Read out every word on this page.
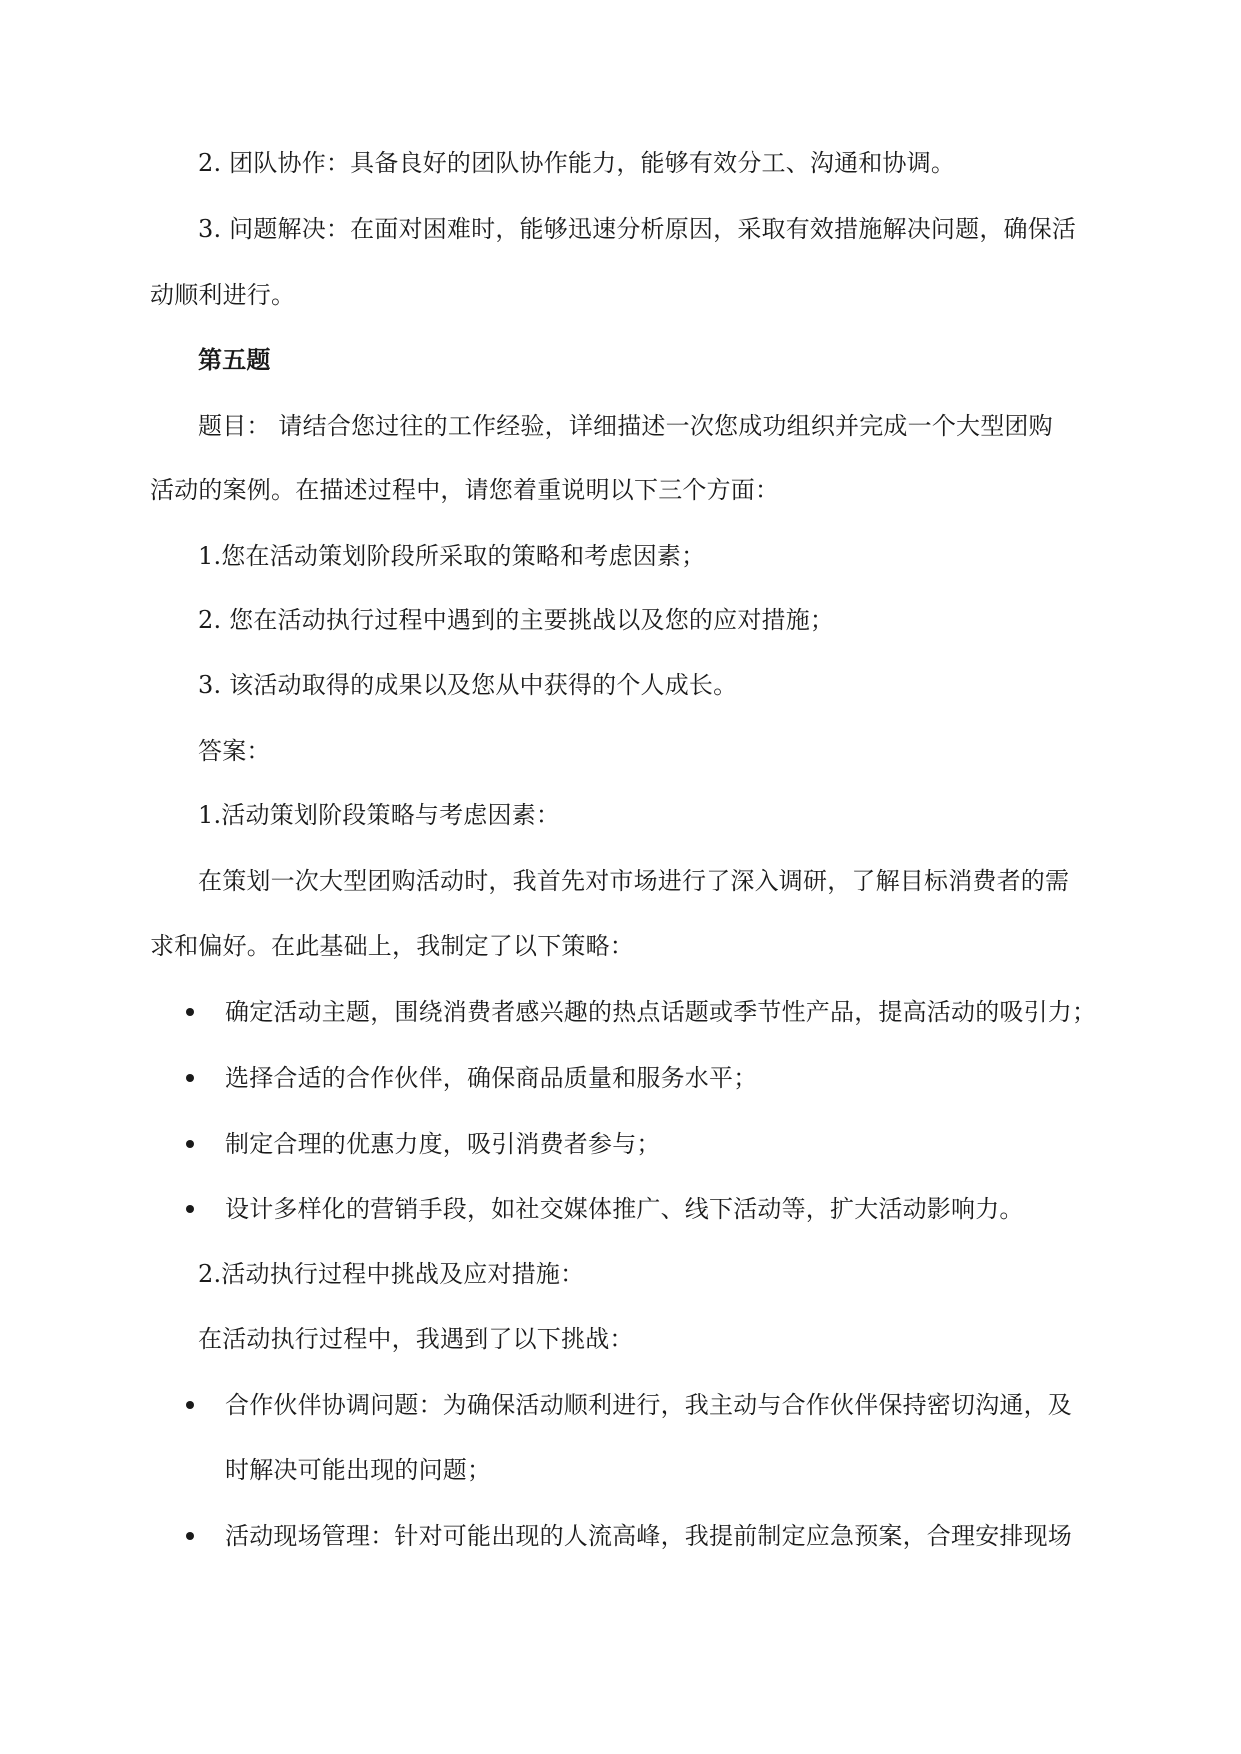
2. 团队协作：具备良好的团队协作能力，能够有效分工、沟通和协调。
3. 问题解决：在面对困难时，能够迅速分析原因，采取有效措施解决问题，确保活
动顺利进行。
第五题
题目： 请结合您过往的工作经验，详细描述一次您成功组织并完成一个大型团购
活动的案例。在描述过程中，请您着重说明以下三个方面：
1.您在活动策划阶段所采取的策略和考虑因素；
2. 您在活动执行过程中遇到的主要挑战以及您的应对措施；
3. 该活动取得的成果以及您从中获得的个人成长。
答案：
1.活动策划阶段策略与考虑因素：
在策划一次大型团购活动时，我首先对市场进行了深入调研，了解目标消费者的需
求和偏好。在此基础上，我制定了以下策略：
确定活动主题，围绕消费者感兴趣的热点话题或季节性产品，提高活动的吸引力；
选择合适的合作伙伴，确保商品质量和服务水平；
制定合理的优惠力度，吸引消费者参与；
设计多样化的营销手段，如社交媒体推广、线下活动等，扩大活动影响力。
2.活动执行过程中挑战及应对措施：
在活动执行过程中，我遇到了以下挑战：
合作伙伴协调问题：为确保活动顺利进行，我主动与合作伙伴保持密切沟通，及
时解决可能出现的问题；
活动现场管理：针对可能出现的人流高峰，我提前制定应急预案，合理安排现场
